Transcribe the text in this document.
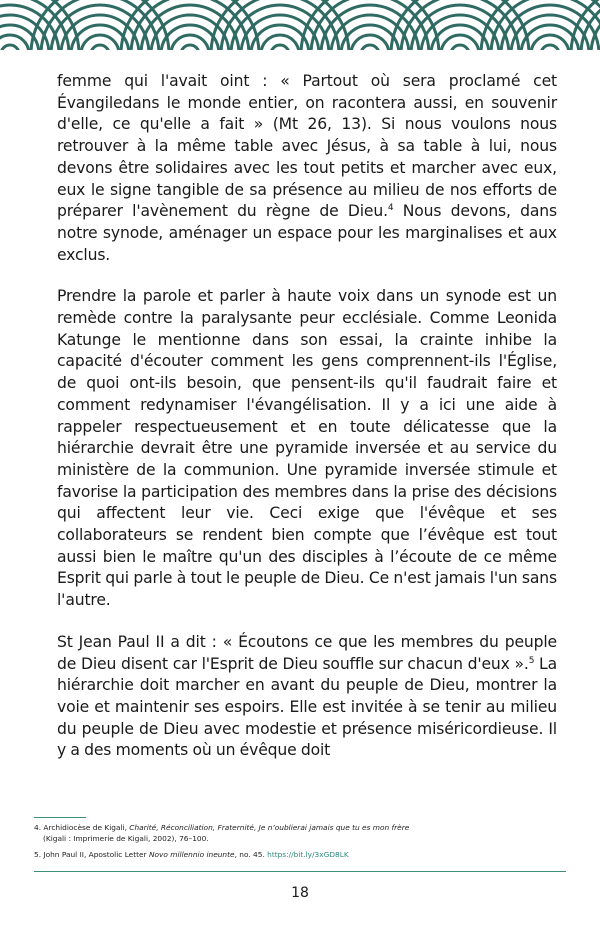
femme qui l'avait oint : « Partout où sera proclamé cet Évangiledans le monde entier, on racontera aussi, en souvenir d'elle, ce qu'elle a fait » (Mt 26, 13). Si nous voulons nous retrouver à la même table avec Jésus, à sa table à lui, nous devons être solidaires avec les tout petits et marcher avec eux, eux le signe tangible de sa présence au milieu de nos efforts de préparer l'avènement du règne de Dieu.$^4$ Nous devons, dans notre synode, aménager un espace pour les marginalises et aux exclus.

Prendre la parole et parler à haute voix dans un synode est un remède contre la paralysante peur ecclésiale. Comme Leonida Katunge le mentionne dans son essai, la crainte inhibe la capacité d'écouter comment les gens comprennent-ils l'Église, de quoi ont-ils besoin, que pensent-ils qu'il faudrait faire et comment redynamiser l'évangélisation. Il y a ici une aide à rappeler respectueusement et en toute délicatesse que la hiérarchie devrait être une pyramide inversée et au service du ministère de la communion. Une pyramide inversée stimule et favorise la participation des membres dans la prise des décisions qui affectent leur vie. Ceci exige que l'évêque et ses collaborateurs se rendent bien compte que l’évêque est tout aussi bien le maître qu'un des disciples à l’écoute de ce même Esprit qui parle à tout le peuple de Dieu. Ce n'est jamais l'un sans l'autre.

St Jean Paul II a dit : « Écoutons ce que les membres du peuple de Dieu disent car l'Esprit de Dieu souffle sur chacun d'eux ».$^5$ La hiérarchie doit marcher en avant du peuple de Dieu, montrer la voie et maintenir ses espoirs. Elle est invitée à se tenir au milieu du peuple de Dieu avec modestie et présence miséricordieuse. Il y a des moments où un évêque doit

4. Archidiocèse de Kigali, Charité, Réconciliation, Fraternité, Je n’oublierai jamais que tu es mon frère
(Kigali : Imprimerie de Kigali, 2002), 76–100.

5. John Paul II, Apostolic Letter Novo millennio ineunte, no. 45. https://bit.ly/3xGD8LK

18
